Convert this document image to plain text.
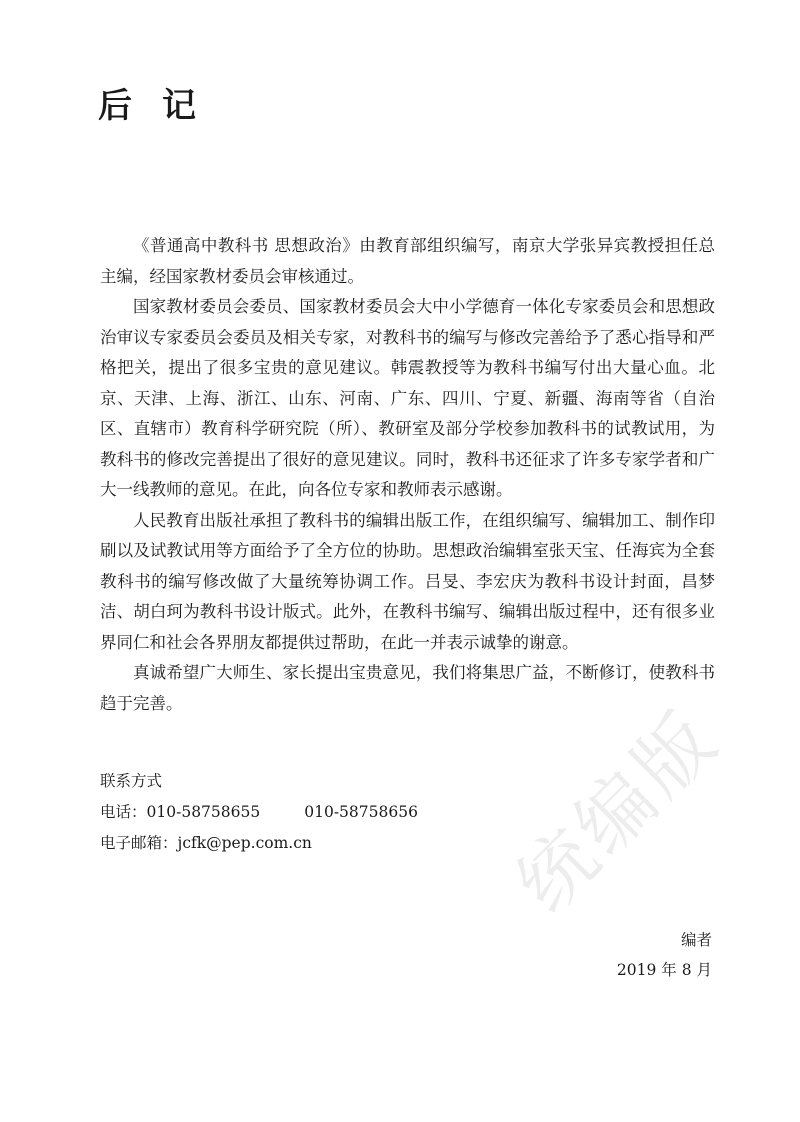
后记

《普通高中教科书 思想政治》由教育部组织编写，南京大学张异宾教授担任总主编，经国家教材委员会审核通过。

国家教材委员会委员、国家教材委员会大中小学德育一体化专家委员会和思想政治审议专家委员会委员及相关专家，对教科书的编写与修改完善给予了悉心指导和严格把关，提出了很多宝贵的意见建议。韩震教授等为教科书编写付出大量心血。北京、天津、上海、浙江、山东、河南、广东、四川、宁夏、新疆、海南等省（自治区、直辖市）教育科学研究院（所）、教研室及部分学校参加教科书的试教试用，为教科书的修改完善提出了很好的意见建议。同时，教科书还征求了许多专家学者和广大一线教师的意见。在此，向各位专家和教师表示感谢。

人民教育出版社承担了教科书的编辑出版工作，在组织编写、编辑加工、制作印刷以及试教试用等方面给予了全方位的协助。思想政治编辑室张天宝、任海宾为全套教科书的编写修改做了大量统筹协调工作。吕旻、李宏庆为教科书设计封面，昌梦洁、胡白珂为教科书设计版式。此外，在教科书编写、编辑出版过程中，还有很多业界同仁和社会各界朋友都提供过帮助，在此一并表示诚挚的谢意。

真诚希望广大师生、家长提出宝贵意见，我们将集思广益，不断修订，使教科书趋于完善。

联系方式
电话：010-58758655	010-58758656
电子邮箱：jcfk@pep.com.cn
编者
2019 年 8 月
统编版
